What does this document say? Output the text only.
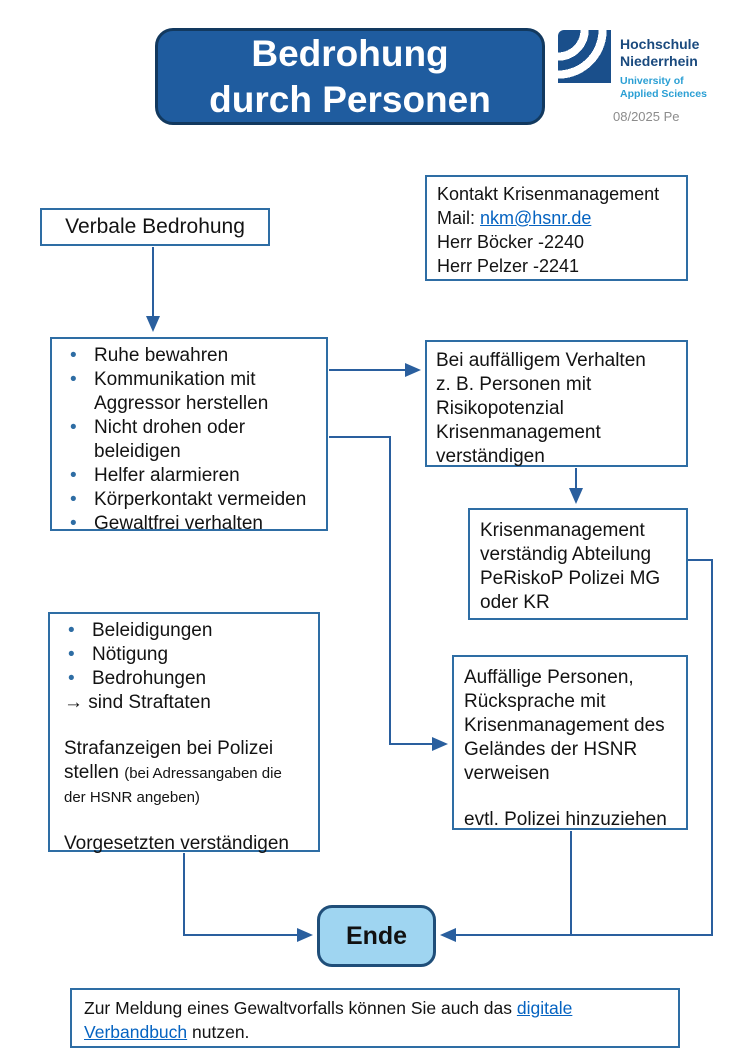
Bedrohung
durch Personen
Hochschule
Niederrhein
University of
Applied Sciences
08/2025 Pe
Kontakt Krisenmanagement
Mail: nkm@hsnr.de
Herr Böcker -2240
Herr Pelzer -2241
Verbale Bedrohung
•
Ruhe bewahren
•
Kommunikation mit
Aggressor herstellen
•
Nicht drohen oder
beleidigen
•
Helfer alarmieren
•
Körperkontakt vermeiden
•
Gewaltfrei verhalten
Bei auffälligem Verhalten
z. B. Personen mit
Risikopotenzial
Krisenmanagement
verständigen
Krisenmanagement
verständig Abteilung
PeRiskoP Polizei MG
oder KR
•
Beleidigungen
•
Nötigung
•
Bedrohungen
→ sind Straftaten
Strafanzeigen bei Polizei
stellen (bei Adressangaben die
der HSNR angeben)
Vorgesetzten verständigen
Auffällige Personen,
Rücksprache mit
Krisenmanagement des
Geländes der HSNR
verweisen
evtl. Polizei hinzuziehen
Ende
Zur Meldung eines Gewaltvorfalls können Sie auch das digitale
Verbandbuch nutzen.
